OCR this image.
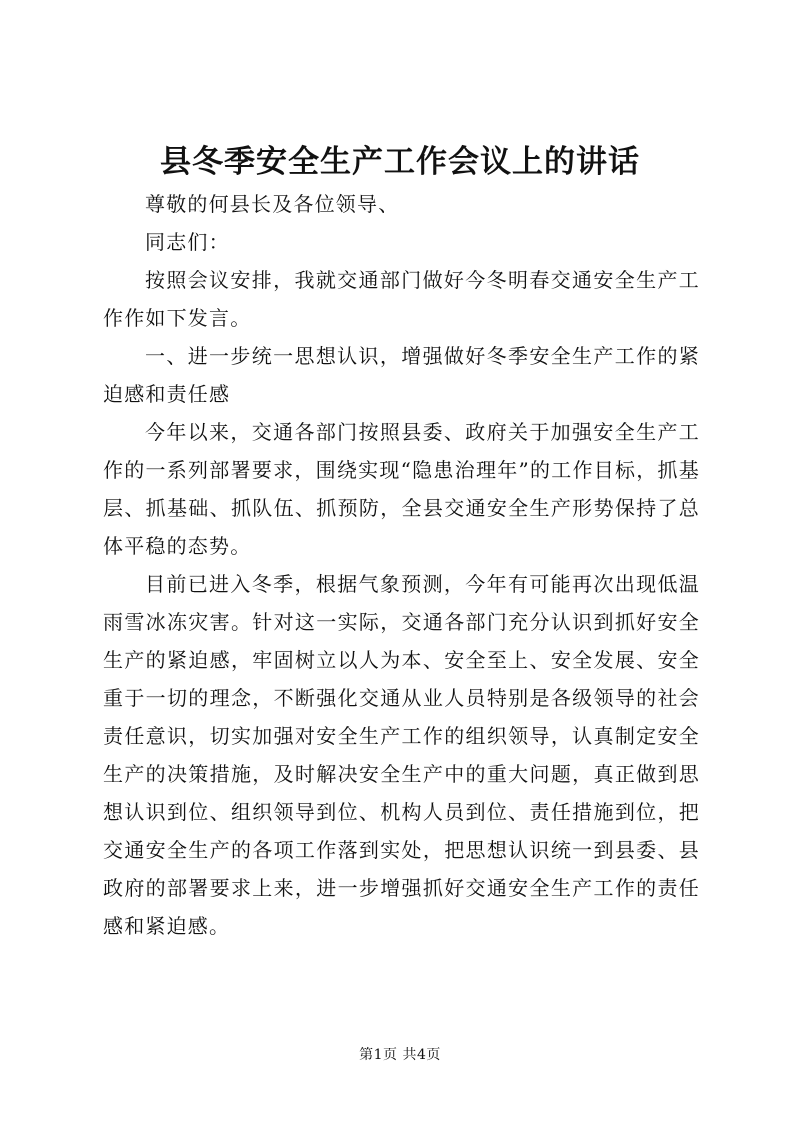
县冬季安全生产工作会议上的讲话

尊敬的何县长及各位领导、

同志们：

按照会议安排，我就交通部门做好今冬明春交通安全生产工作作如下发言。

一、进一步统一思想认识，增强做好冬季安全生产工作的紧迫感和责任感

今年以来，交通各部门按照县委、政府关于加强安全生产工作的一系列部署要求，围绕实现“隐患治理年”的工作目标，抓基层、抓基础、抓队伍、抓预防，全县交通安全生产形势保持了总体平稳的态势。

目前已进入冬季，根据气象预测，今年有可能再次出现低温雨雪冰冻灾害。针对这一实际，交通各部门充分认识到抓好安全生产的紧迫感，牢固树立以人为本、安全至上、安全发展、安全重于一切的理念，不断强化交通从业人员特别是各级领导的社会责任意识，切实加强对安全生产工作的组织领导，认真制定安全生产的决策措施，及时解决安全生产中的重大问题，真正做到思想认识到位、组织领导到位、机构人员到位、责任措施到位，把交通安全生产的各项工作落到实处，把思想认识统一到县委、县政府的部署要求上来，进一步增强抓好交通安全生产工作的责任感和紧迫感。

第1页 共4页
